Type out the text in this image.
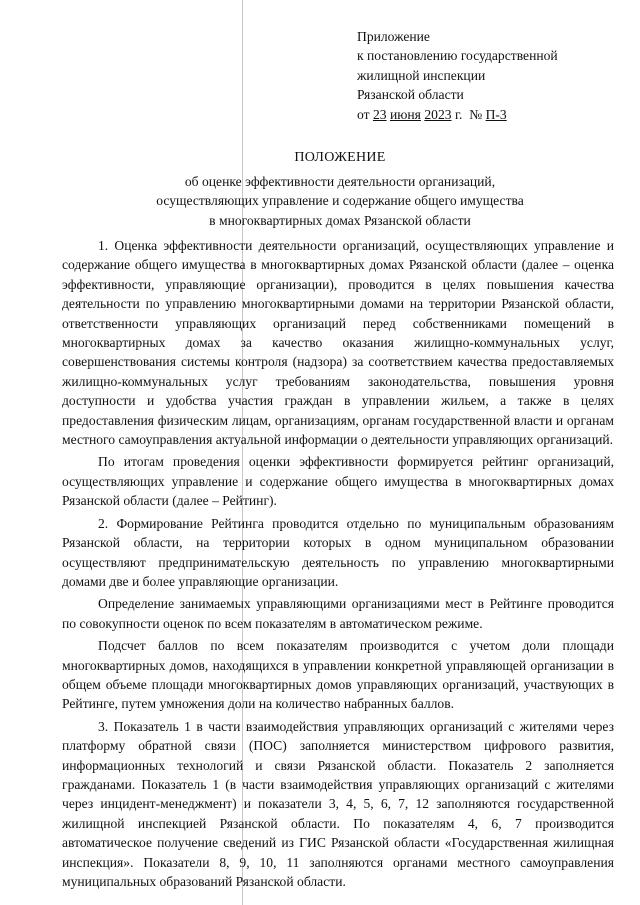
Приложение
к постановлению государственной
жилищной инспекции
Рязанской области
от 23 июня 2023 г. № П-3
ПОЛОЖЕНИЕ
об оценке эффективности деятельности организаций,
осуществляющих управление и содержание общего имущества
в многоквартирных домах Рязанской области

1. Оценка эффективности деятельности организаций, осуществляющих управление и содержание общего имущества в многоквартирных домах Рязанской области (далее – оценка эффективности, управляющие организации), проводится в целях повышения качества деятельности по управлению многоквартирными домами на территории Рязанской области, ответственности управляющих организаций перед собственниками помещений в многоквартирных домах за качество оказания жилищно-коммунальных услуг, совершенствования системы контроля (надзора) за соответствием качества предоставляемых жилищно-коммунальных услуг требованиям законодательства, повышения уровня доступности и удобства участия граждан в управлении жильем, а также в целях предоставления физическим лицам, организациям, органам государственной власти и органам местного самоуправления актуальной информации о деятельности управляющих организаций.

По итогам проведения оценки эффективности формируется рейтинг организаций, осуществляющих управление и содержание общего имущества в многоквартирных домах Рязанской области (далее – Рейтинг).

2. Формирование Рейтинга проводится отдельно по муниципальным образованиям Рязанской области, на территории которых в одном муниципальном образовании осуществляют предпринимательскую деятельность по управлению многоквартирными домами две и более управляющие организации.

Определение занимаемых управляющими организациями мест в Рейтинге проводится по совокупности оценок по всем показателям в автоматическом режиме.

Подсчет баллов по всем показателям производится с учетом доли площади многоквартирных домов, находящихся в управлении конкретной управляющей организации в общем объеме площади многоквартирных домов управляющих организаций, участвующих в Рейтинге, путем умножения доли на количество набранных баллов.

3. Показатель 1 в части взаимодействия управляющих организаций с жителями через платформу обратной связи (ПОС) заполняется министерством цифрового развития, информационных технологий и связи Рязанской области. Показатель 2 заполняется гражданами. Показатель 1 (в части взаимодействия управляющих организаций с жителями через инцидент-менеджмент) и показатели 3, 4, 5, 6, 7, 12 заполняются государственной жилищной инспекцией Рязанской области. По показателям 4, 6, 7 производится автоматическое получение сведений из ГИС Рязанской области «Государственная жилищная инспекция». Показатели 8, 9, 10, 11 заполняются органами местного самоуправления муниципальных образований Рязанской области.
